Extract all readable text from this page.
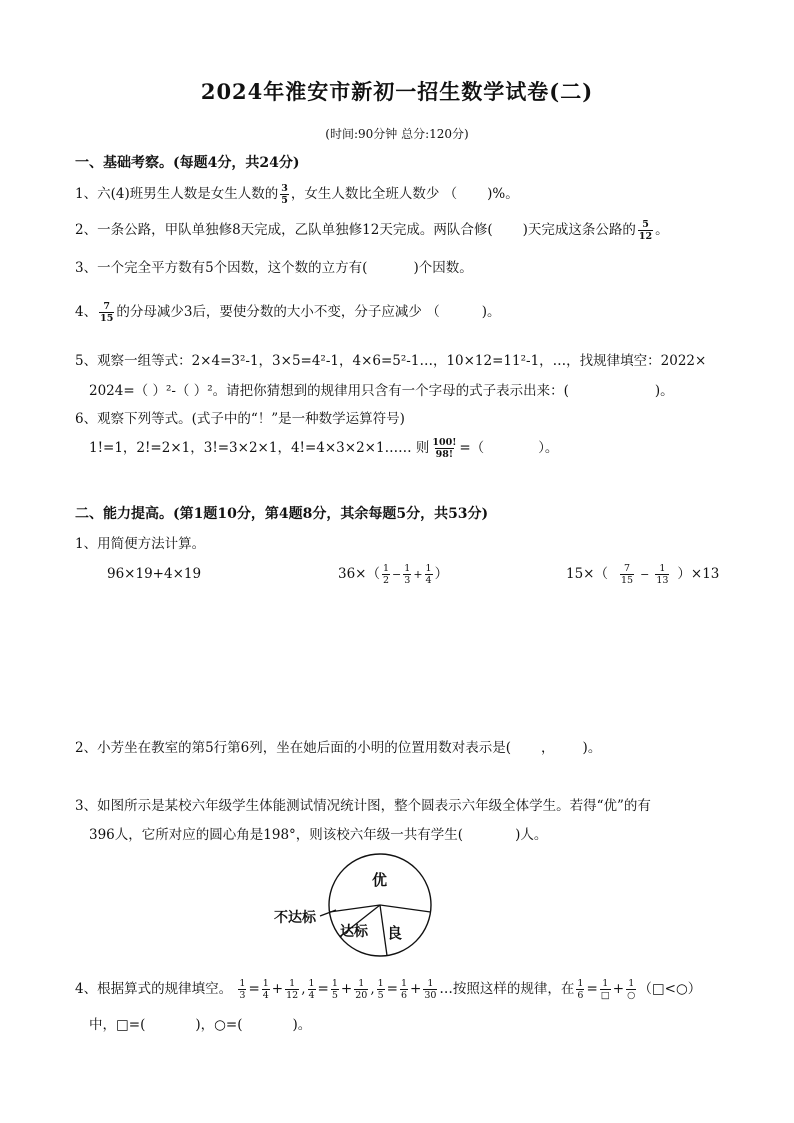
2024年淮安市新初一招生数学试卷(二)
(时间:90分钟 总分:120分)
一、基础考察。(每题4分，共24分)
1、六(4)班男生人数是女生人数的 $\frac{3}{5}$ ，女生人数比全班人数少 （ )%。
2、一条公路，甲队单独修8天完成，乙队单独修12天完成。两队合修( )天完成这条公路的 $\frac{5}{12}$ 。
3、一个完全平方数有5个因数，这个数的立方有(	)个因数。
4、 $\frac{7}{15}$ 的分母减少3后，要使分数的大小不变，分子应减少 （	)。
5、观察一组等式：2×4=3²-1，3×5=4²-1，4×6=5²-1…，10×12=11²-1，…，找规律填空：2022×
2024=（ ）²-（ ）²。请把你猜想到的规律用只含有一个字母的式子表示出来：(	)。
6、观察下列等式。(式子中的“！”是一种数学运算符号)
1!=1，2!=2×1，3!=3×2×1，4!=4×3×2×1…… 则 $\frac{100!}{98!}$ =（	）。
二、能力提高。(第1题10分，第4题8分，其余每题5分，共53分)
1、用简便方法计算。
96×19+4×19	$36\times( \frac{1}{2} - \frac{1}{3} + \frac{1}{4}$ ）	$15\times( \frac{7}{15} - \frac{1}{13} )\times 13$
2、小芳坐在教室的第5行第6列，坐在她后面的小明的位置用数对表示是( ， )。
3、如图所示是某校六年级学生体能测试情况统计图，整个圆表示六年级全体学生。若得“优”的有
396人，它所对应的圆心角是198°，则该校六年级一共有学生(	)人。
优
良
达标
不达标
4、根据算式的规律填空。 $\frac{1}{3} = \frac{1}{4} + \frac{1}{12}$ , $\frac{1}{4} = \frac{1}{5} + \frac{1}{20}$ , $\frac{1}{5} = \frac{1}{6} + \frac{1}{30}$ …按照这样的规律，在 $\frac{1}{6} = \frac{1}{□} + \frac{1}{○}$ （□<○）
中，□=(	)，○=(	)。
